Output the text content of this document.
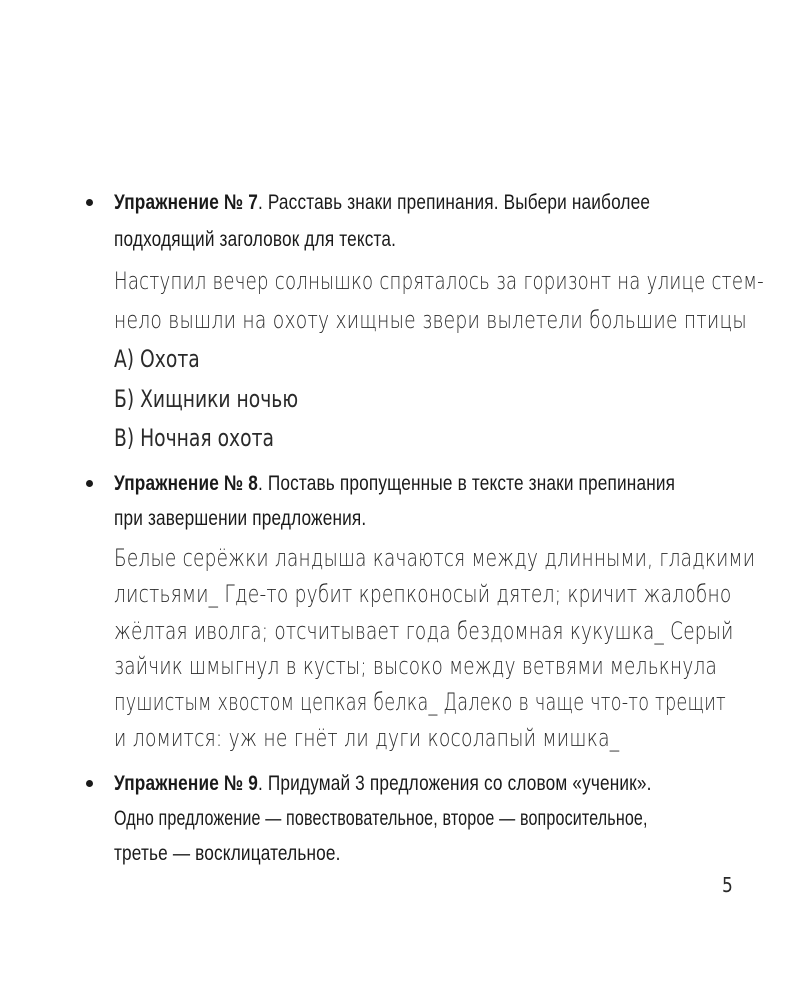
Упражнение № 7. Расставь знаки препинания. Выбери наиболее
подходящий заголовок для текста.
Наступил вечер солнышко спряталось за горизонт на улице стем-
нело вышли на охоту хищные звери вылетели большие птицы
А) Охота
Б) Хищники ночью
В) Ночная охота
Упражнение № 8. Поставь пропущенные в тексте знаки препинания
при завершении предложения.
Белые серёжки ландыша качаются между длинными, гладкими
листьями_ Где-то рубит крепконосый дятел; кричит жалобно
жёлтая иволга; отсчитывает года бездомная кукушка_ Серый
зайчик шмыгнул в кусты; высоко между ветвями мелькнула
пушистым хвостом цепкая белка_ Далеко в чаще что-то трещит
и ломится: уж не гнёт ли дуги косолапый мишка_
Упражнение № 9. Придумай 3 предложения со словом «ученик».
Одно предложение — повествовательное, второе — вопросительное,
третье — восклицательное.
5
